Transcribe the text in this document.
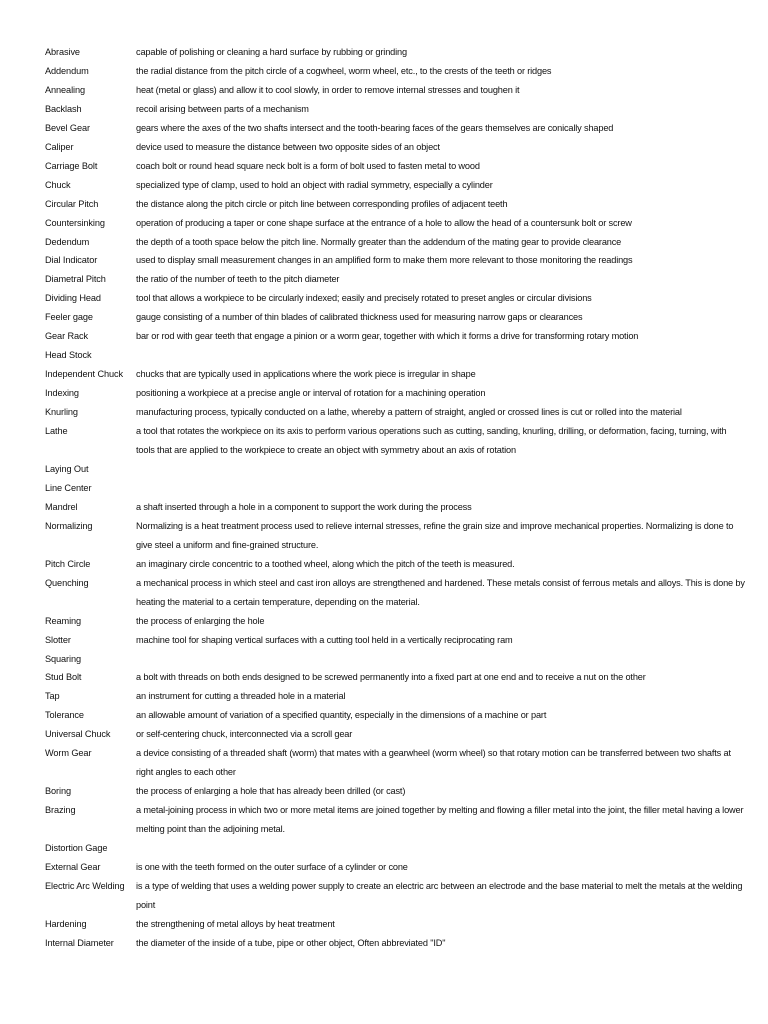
Abrasive	capable of polishing or cleaning a hard surface by rubbing or grinding
Addendum	the radial distance from the pitch circle of a cogwheel, worm wheel, etc., to the crests of the teeth or ridges
Annealing	heat (metal or glass) and allow it to cool slowly, in order to remove internal stresses and toughen it
Backlash	recoil arising between parts of a mechanism
Bevel Gear	gears where the axes of the two shafts intersect and the tooth-bearing faces of the gears themselves are conically shaped
Caliper	device used to measure the distance between two opposite sides of an object
Carriage Bolt	coach bolt or round head square neck bolt is a form of bolt used to fasten metal to wood
Chuck	specialized type of clamp, used to hold an object with radial symmetry, especially a cylinder
Circular Pitch	the distance along the pitch circle or pitch line between corresponding profiles of adjacent teeth
Countersinking	operation of producing a taper or cone shape surface at the entrance of a hole to allow the head of a countersunk bolt or screw
Dedendum	the depth of a tooth space below the pitch line. Normally greater than the addendum of the mating gear to provide clearance
Dial Indicator	used to display small measurement changes in an amplified form to make them more relevant to those monitoring the readings
Diametral Pitch	the ratio of the number of teeth to the pitch diameter
Dividing Head	tool that allows a workpiece to be circularly indexed; easily and precisely rotated to preset angles or circular divisions
Feeler gage	gauge consisting of a number of thin blades of calibrated thickness used for measuring narrow gaps or clearances
Gear Rack	bar or rod with gear teeth that engage a pinion or a worm gear, together with which it forms a drive for transforming rotary motion
Head Stock

Independent Chuck	chucks that are typically used in applications where the work piece is irregular in shape
Indexing	positioning a workpiece at a precise angle or interval of rotation for a machining operation
Knurling	manufacturing process, typically conducted on a lathe, whereby a pattern of straight, angled or crossed lines is cut or rolled into the material
Lathe	a tool that rotates the workpiece on its axis to perform various operations such as cutting, sanding, knurling, drilling, or deformation, facing, turning, with tools that are applied to the workpiece to create an object with symmetry about an axis of rotation
Laying Out

Line Center

Mandrel	a shaft inserted through a hole in a component to support the work during the process
Normalizing	Normalizing is a heat treatment process used to relieve internal stresses, refine the grain size and improve mechanical properties. Normalizing is done to give steel a uniform and fine-grained structure.
Pitch Circle	an imaginary circle concentric to a toothed wheel, along which the pitch of the teeth is measured.
Quenching	a mechanical process in which steel and cast iron alloys are strengthened and hardened. These metals consist of ferrous metals and alloys. This is done by heating the material to a certain temperature, depending on the material.
Reaming	the process of enlarging the hole
Slotter	machine tool for shaping vertical surfaces with a cutting tool held in a vertically reciprocating ram
Squaring

Stud Bolt	a bolt with threads on both ends designed to be screwed permanently into a fixed part at one end and to receive a nut on the other
Tap	an instrument for cutting a threaded hole in a material
Tolerance	an allowable amount of variation of a specified quantity, especially in the dimensions of a machine or part
Universal Chuck	or self-centering chuck, interconnected via a scroll gear
Worm Gear	a device consisting of a threaded shaft (worm) that mates with a gearwheel (worm wheel) so that rotary motion can be transferred between two shafts at right angles to each other
Boring	the process of enlarging a hole that has already been drilled (or cast)
Brazing	a metal-joining process in which two or more metal items are joined together by melting and flowing a filler metal into the joint, the filler metal having a lower melting point than the adjoining metal.
Distortion Gage

External Gear	is one with the teeth formed on the outer surface of a cylinder or cone
Electric Arc Welding	is a type of welding that uses a welding power supply to create an electric arc between an electrode and the base material to melt the metals at the welding point
Hardening	the strengthening of metal alloys by heat treatment
Internal Diameter	the diameter of the inside of a tube, pipe or other object, Often abbreviated "ID"
